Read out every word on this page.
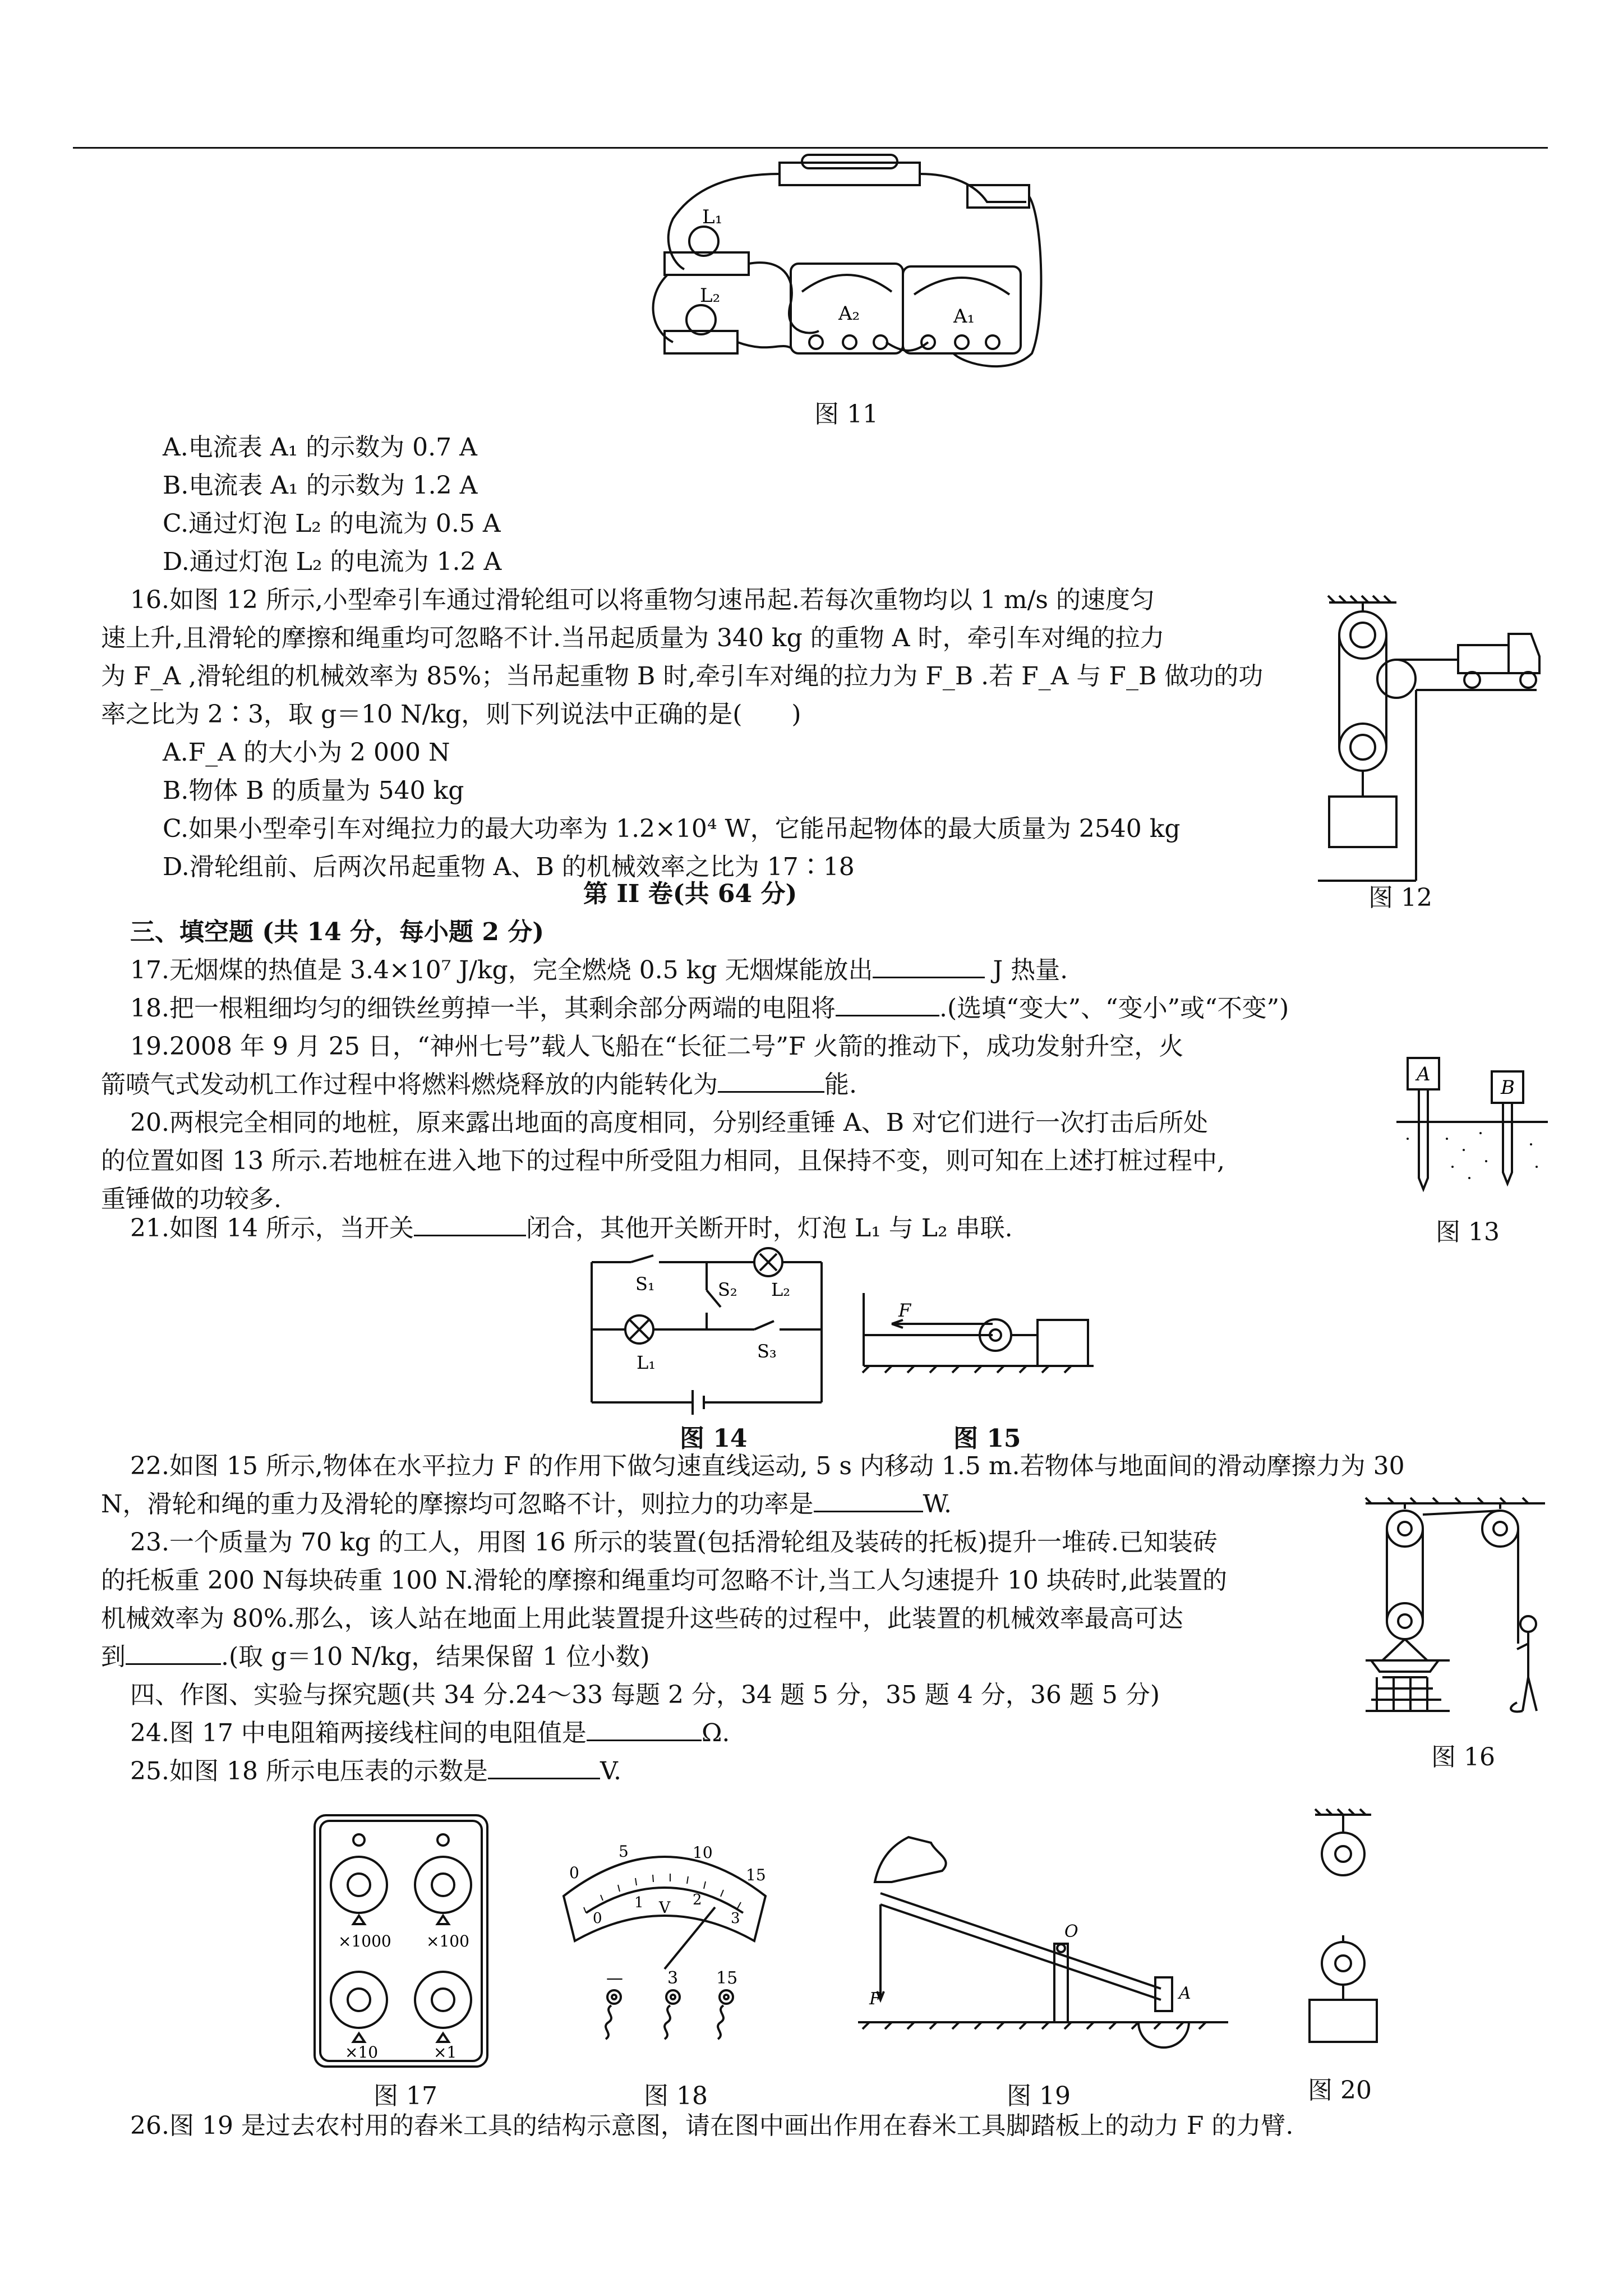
L₁
L₂
A₂	A₁
图 11
A.电流表 A₁ 的示数为 0.7 A
B.电流表 A₁ 的示数为 1.2 A
C.通过灯泡 L₂ 的电流为 0.5 A
D.通过灯泡 L₂ 的电流为 1.2 A
16.如图 12 所示,小型牵引车通过滑轮组可以将重物匀速吊起.若每次重物均以 1 m/s 的速度匀
速上升,且滑轮的摩擦和绳重均可忽略不计.当吊起质量为 340 kg 的重物 A 时，牵引车对绳的拉力
为 F_A ,滑轮组的机械效率为 85%；当吊起重物 B 时,牵引车对绳的拉力为 F_B .若 F_A 与 F_B 做功的功
率之比为 2∶3，取 g＝10 N/kg，则下列说法中正确的是(　　)
A.F_A 的大小为 2 000 N
B.物体 B 的质量为 540 kg
C.如果小型牵引车对绳拉力的最大功率为 1.2×10⁴ W，它能吊起物体的最大质量为 2540 kg
D.滑轮组前、后两次吊起重物 A、B 的机械效率之比为 17∶18
图 12
第 II 卷(共 64 分)
三、填空题 (共 14 分，每小题 2 分)
17.无烟煤的热值是 3.4×10⁷ J/kg，完全燃烧 0.5 kg 无烟煤能放出	J 热量.
18.把一根粗细均匀的细铁丝剪掉一半，其剩余部分两端的电阻将	.(选填“变大”、“变小”或“不变”)
19.2008 年 9 月 25 日，“神州七号”载人飞船在“长征二号”F 火箭的推动下，成功发射升空，火
箭喷气式发动机工作过程中将燃料燃烧释放的内能转化为	能.
20.两根完全相同的地桩，原来露出地面的高度相同，分别经重锤 A、B 对它们进行一次打击后所处
的位置如图 13 所示.若地桩在进入地下的过程中所受阻力相同，且保持不变，则可知在上述打桩过程中,
重锤做的功较多.
A
B
图 13
21.如图 14 所示，当开关	闭合，其他开关断开时，灯泡 L₁ 与 L₂ 串联.
S₁	S₂ L₂
S₃
L₁
图 14
F
图 15
22.如图 15 所示,物体在水平拉力 F 的作用下做匀速直线运动, 5 s 内移动 1.5 m.若物体与地面间的滑动摩擦力为 30
N，滑轮和绳的重力及滑轮的摩擦均可忽略不计，则拉力的功率是	W.
23.一个质量为 70 kg 的工人，用图 16 所示的装置(包括滑轮组及装砖的托板)提升一堆砖.已知装砖
的托板重 200 N每块砖重 100 N.滑轮的摩擦和绳重均可忽略不计,当工人匀速提升 10 块砖时,此装置的
机械效率为 80%.那么，该人站在地面上用此装置提升这些砖的过程中，此装置的机械效率最高可达
到	.(取 g＝10 N/kg，结果保留 1 位小数)
图 16
四、作图、实验与探究题(共 34 分.24～33 每题 2 分，34 题 5 分，35 题 4 分，36 题 5 分)
24.图 17 中电阻箱两接线柱间的电阻值是	Ω.
25.如图 18 所示电压表的示数是	V.
×1000 ×100
×10	×1
图 17
0
5	10
15
0
1 V 2
3
—	3 15
图 18
F
O
A
图 19	图 20
26.图 19 是过去农村用的舂米工具的结构示意图，请在图中画出作用在舂米工具脚踏板上的动力 F 的力臂.
